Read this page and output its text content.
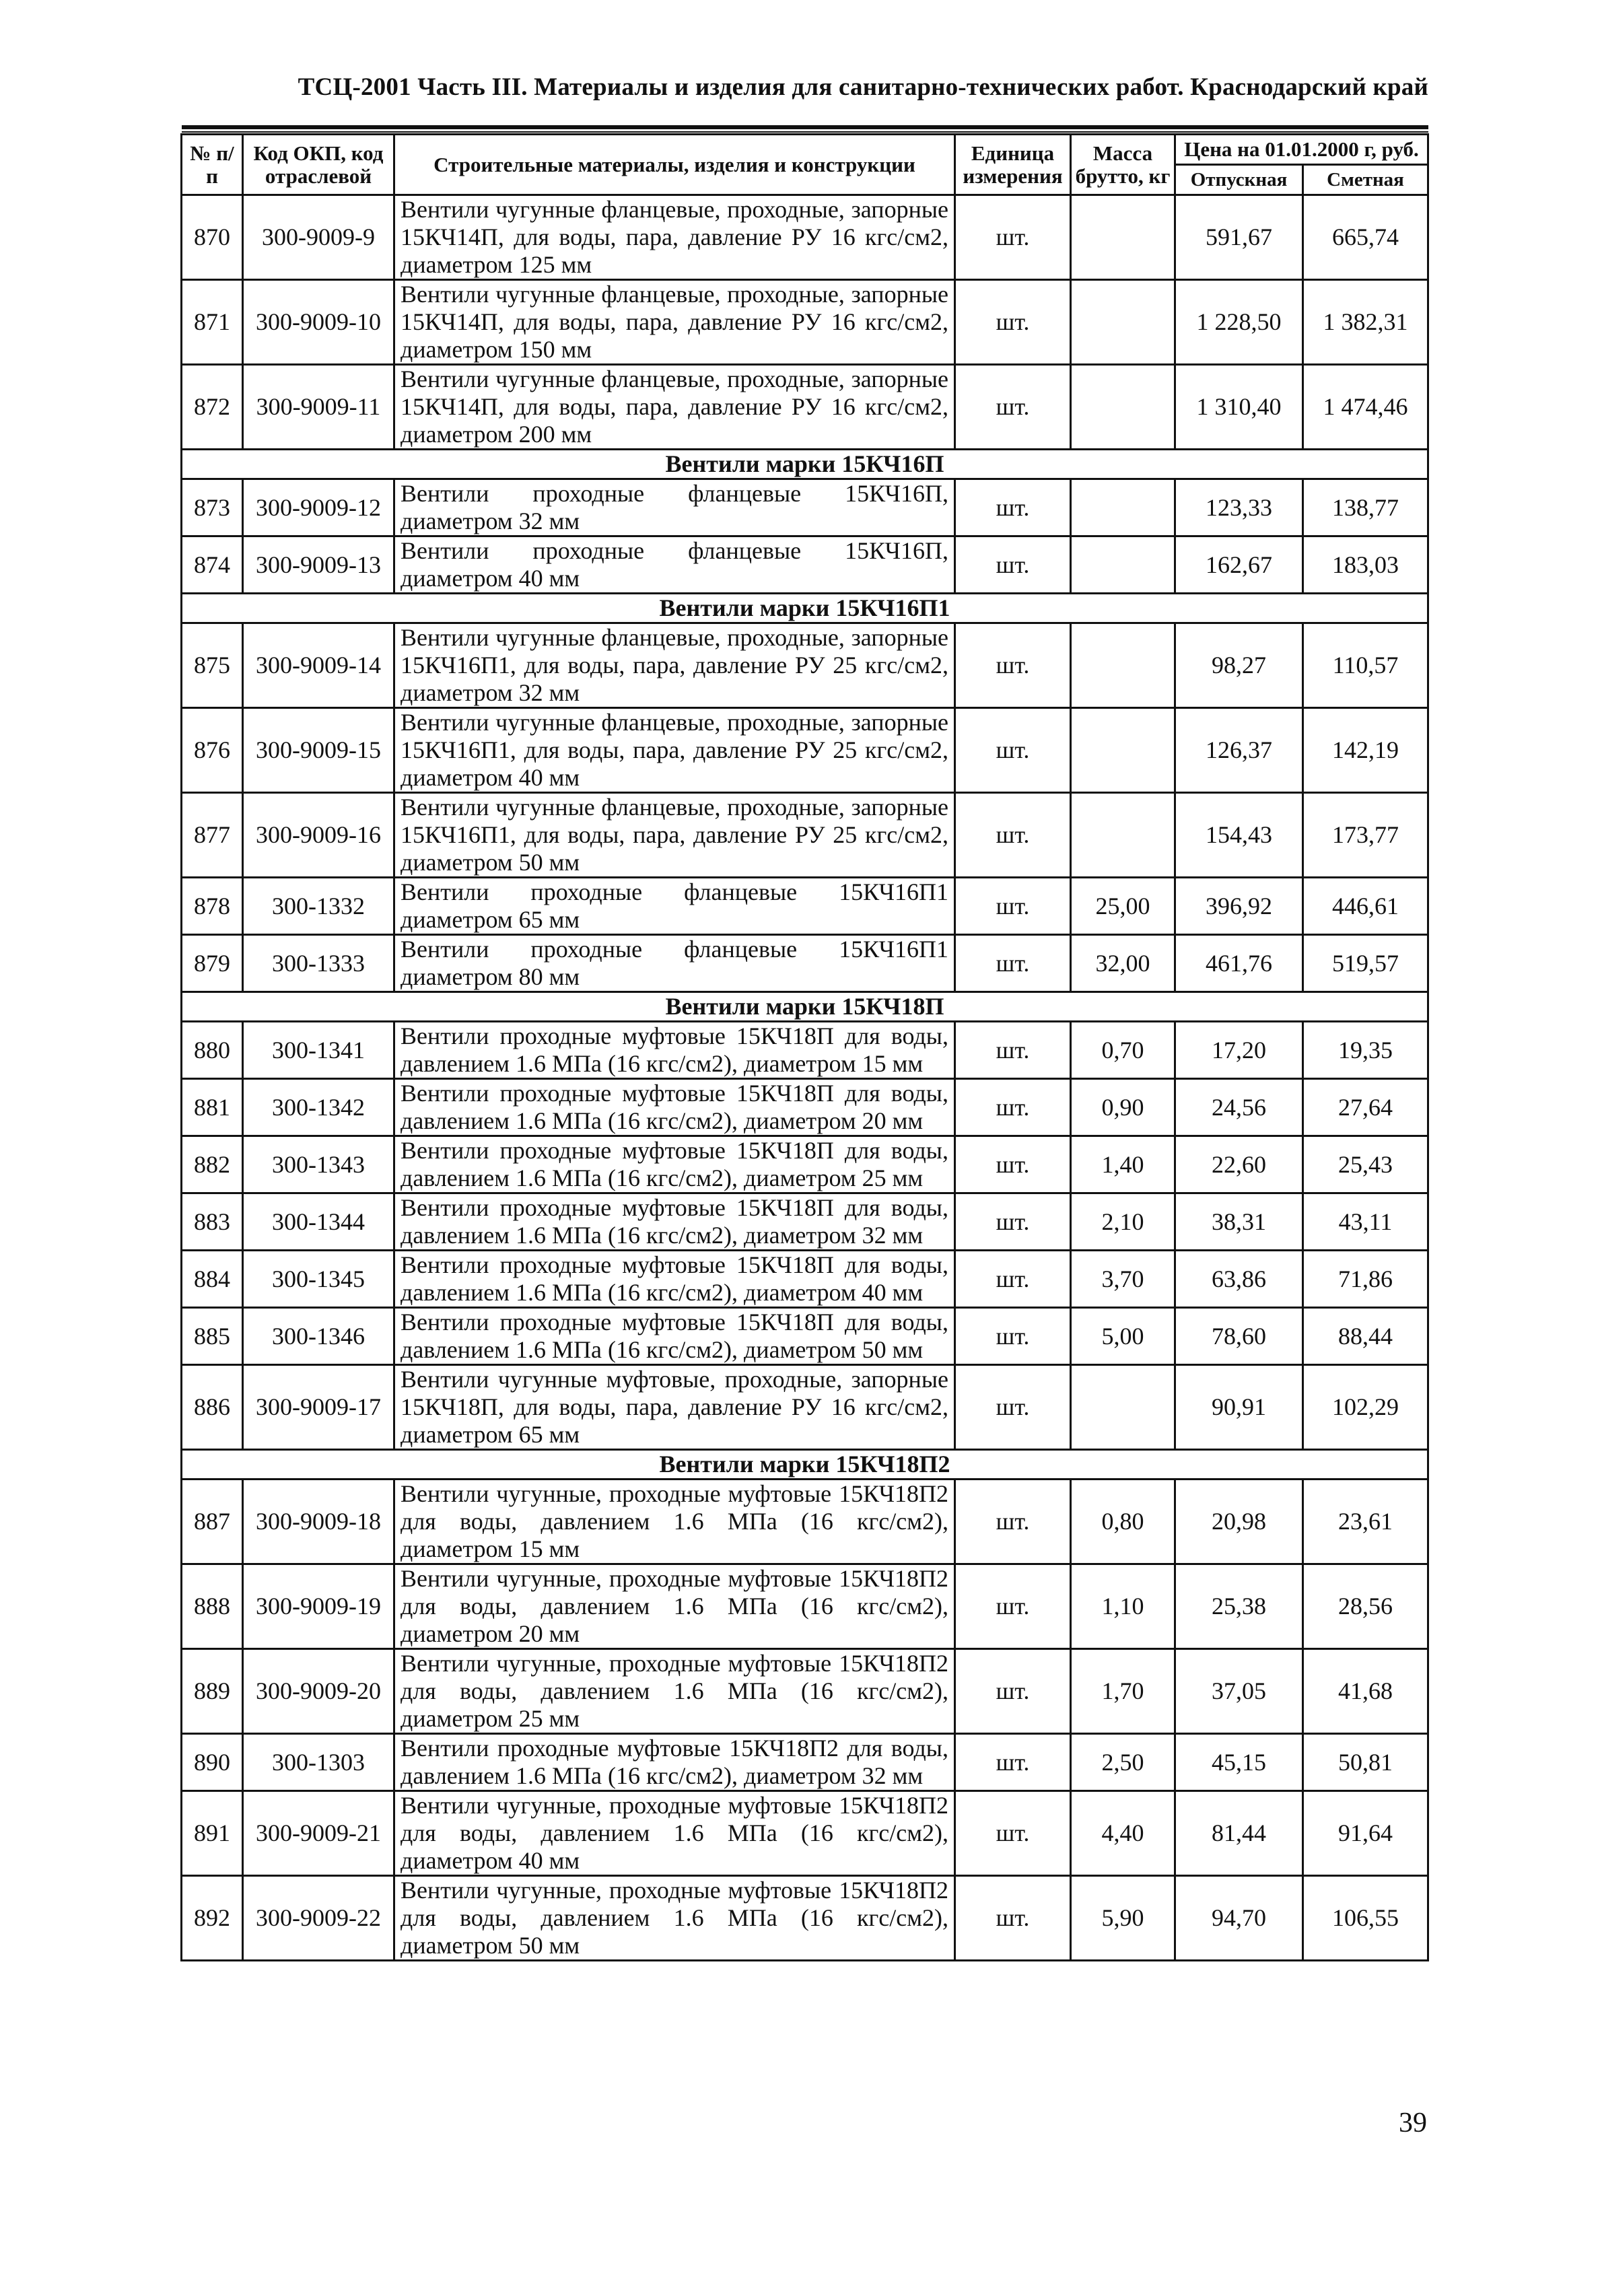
ТСЦ-2001 Часть III. Материалы и изделия для санитарно-технических работ. Краснодарский край
№ п/п	Код ОКП, код отраслевой	Строительные материалы, изделия и конструкции	Единица измерения	Масса брутто, кг	Цена на 01.01.2000 г, руб.	
					Отпускная	Сметная
870	300-9009-9	Вентили чугунные фланцевые, проходные, запорные 15КЧ14П, для воды, пара, давление РУ 16 кгс/см2, диаметром 125 мм	шт.		591,67	665,74
871	300-9009-10	Вентили чугунные фланцевые, проходные, запорные 15КЧ14П, для воды, пара, давление РУ 16 кгс/см2, диаметром 150 мм	шт.		1 228,50	1 382,31
872	300-9009-11	Вентили чугунные фланцевые, проходные, запорные 15КЧ14П, для воды, пара, давление РУ 16 кгс/см2, диаметром 200 мм	шт.		1 310,40	1 474,46
Вентили марки 15КЧ16П						
873	300-9009-12	Вентили проходные фланцевые 15КЧ16П, диаметром 32 мм	шт.		123,33	138,77
874	300-9009-13	Вентили проходные фланцевые 15КЧ16П, диаметром 40 мм	шт.		162,67	183,03
Вентили марки 15КЧ16П1						
875	300-9009-14	Вентили чугунные фланцевые, проходные, запорные 15КЧ16П1, для воды, пара, давление РУ 25 кгс/см2, диаметром 32 мм	шт.		98,27	110,57
876	300-9009-15	Вентили чугунные фланцевые, проходные, запорные 15КЧ16П1, для воды, пара, давление РУ 25 кгс/см2, диаметром 40 мм	шт.		126,37	142,19
877	300-9009-16	Вентили чугунные фланцевые, проходные, запорные 15КЧ16П1, для воды, пара, давление РУ 25 кгс/см2, диаметром 50 мм	шт.		154,43	173,77
878	300-1332	Вентили проходные фланцевые 15КЧ16П1 диаметром 65 мм	шт.	25,00	396,92	446,61
879	300-1333	Вентили проходные фланцевые 15КЧ16П1 диаметром 80 мм	шт.	32,00	461,76	519,57
Вентили марки 15КЧ18П						
880	300-1341	Вентили проходные муфтовые 15КЧ18П для воды, давлением 1.6 МПа (16 кгс/см2), диаметром 15 мм	шт.	0,70	17,20	19,35
881	300-1342	Вентили проходные муфтовые 15КЧ18П для воды, давлением 1.6 МПа (16 кгс/см2), диаметром 20 мм	шт.	0,90	24,56	27,64
882	300-1343	Вентили проходные муфтовые 15КЧ18П для воды, давлением 1.6 МПа (16 кгс/см2), диаметром 25 мм	шт.	1,40	22,60	25,43
883	300-1344	Вентили проходные муфтовые 15КЧ18П для воды, давлением 1.6 МПа (16 кгс/см2), диаметром 32 мм	шт.	2,10	38,31	43,11
884	300-1345	Вентили проходные муфтовые 15КЧ18П для воды, давлением 1.6 МПа (16 кгс/см2), диаметром 40 мм	шт.	3,70	63,86	71,86
885	300-1346	Вентили проходные муфтовые 15КЧ18П для воды, давлением 1.6 МПа (16 кгс/см2), диаметром 50 мм	шт.	5,00	78,60	88,44
886	300-9009-17	Вентили чугунные муфтовые, проходные, запорные 15КЧ18П, для воды, пара, давление РУ 16 кгс/см2, диаметром 65 мм	шт.		90,91	102,29
Вентили марки 15КЧ18П2						
887	300-9009-18	Вентили чугунные, проходные муфтовые 15КЧ18П2 для воды, давлением 1.6 МПа (16 кгс/см2), диаметром 15 мм	шт.	0,80	20,98	23,61
888	300-9009-19	Вентили чугунные, проходные муфтовые 15КЧ18П2 для воды, давлением 1.6 МПа (16 кгс/см2), диаметром 20 мм	шт.	1,10	25,38	28,56
889	300-9009-20	Вентили чугунные, проходные муфтовые 15КЧ18П2 для воды, давлением 1.6 МПа (16 кгс/см2), диаметром 25 мм	шт.	1,70	37,05	41,68
890	300-1303	Вентили проходные муфтовые 15КЧ18П2 для воды, давлением 1.6 МПа (16 кгс/см2), диаметром 32 мм	шт.	2,50	45,15	50,81
891	300-9009-21	Вентили чугунные, проходные муфтовые 15КЧ18П2 для воды, давлением 1.6 МПа (16 кгс/см2), диаметром 40 мм	шт.	4,40	81,44	91,64
892	300-9009-22	Вентили чугунные, проходные муфтовые 15КЧ18П2 для воды, давлением 1.6 МПа (16 кгс/см2), диаметром 50 мм	шт.	5,90	94,70	106,55
39
